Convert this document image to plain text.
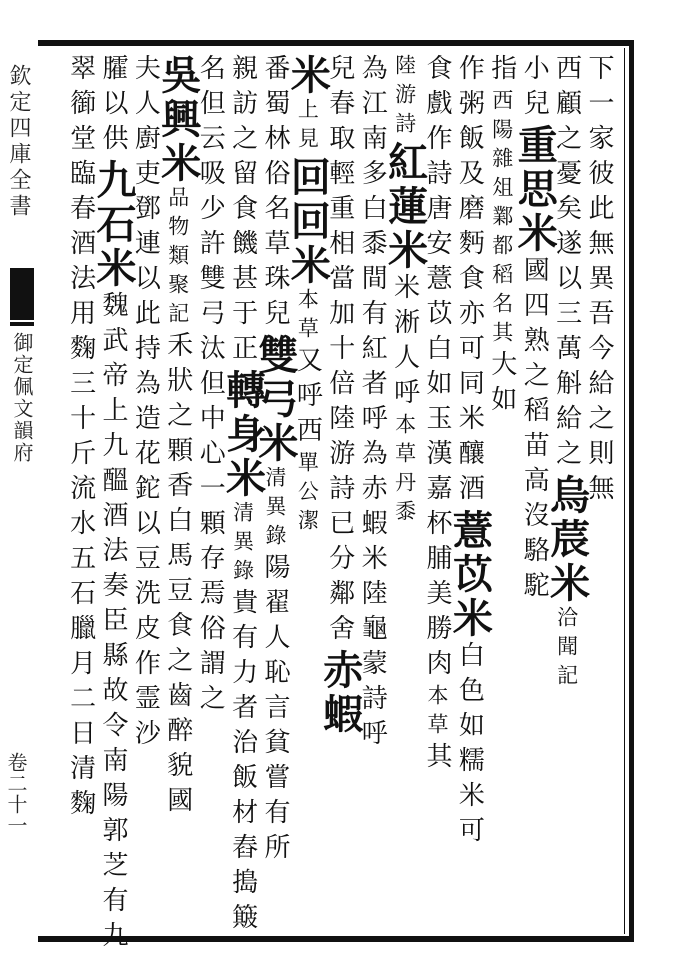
欽定四庫全書
御定佩文韻府
卷二十一
下一家彼此無異吾今給之則無
西顧之憂矣遂以三萬斛給之烏莀米洽聞記
小兒重思米國四熟之稻苗高沒駱駝
指西陽雜俎鄴都稻名其大如
作粥飯及磨麪食亦可同米釀酒薏苡米白色如糯米可
食戲作詩唐安薏苡白如玉漢嘉杯脯美勝肉本草其
陸游詩紅蓮米米淅人呼本草丹黍
為江南多白黍間有紅者呼為赤蝦米陸龜蒙詩呼
兒春取輕重相當加十倍陸游詩已分鄰舍赤蝦
米上見回回米本草又呼西單公潔
番蜀林俗名草珠兒雙弓米清異錄陽翟人恥言貧嘗有所
親訪之留食饑甚于正轉身米清異錄貴有力者治飯材舂搗簸
名但云吸少許雙弓汰但中心一顆存焉俗謂之
吳興米品物類聚記禾狀之顆香白馬豆食之齒醉貌國
夫人廚吏鄧連以此持為造花鉈以豆洗皮作霊沙
臛以供九石米魏武帝上九醞酒法奏臣縣故令南陽郭芝有九
翠篽堂臨春酒法用麴三十斤流水五石臘月二日清麴
